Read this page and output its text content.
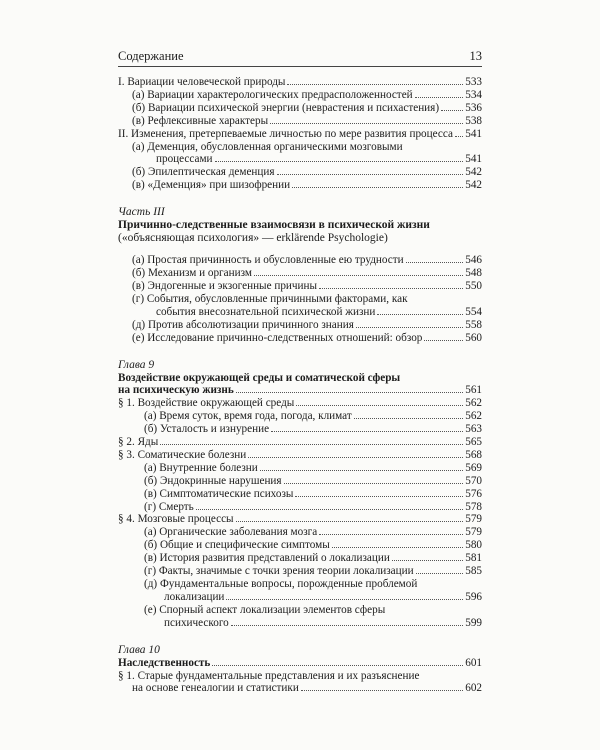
Содержание	13
I. Вариации человеческой природы	533
(а) Вариации характерологических предрасположенностей	534
(б) Вариации психической энергии (неврастения и психастения) 536
(в) Рефлексивные характеры	538
II. Изменения, претерпеваемые личностью по мере развития процесса 541
(а) Деменция, обусловленная органическими мозговыми
процессами	541
(б) Эпилептическая деменция	542
(в) «Деменция» при шизофрении	542
Часть III
Причинно-следственные взаимосвязи в психической жизни
(«объясняющая психология» — erklärende Psychologie)
(а) Простая причинность и обусловленные ею трудности	546
(б) Механизм и организм	548
(в) Эндогенные и экзогенные причины	550
(г) События, обусловленные причинными факторами, как
события внесознательной психической жизни	554
(д) Против абсолютизации причинного знания	558
(е) Исследование причинно-следственных отношений: обзор	560
Глава 9
Воздействие окружающей среды и соматической сферы
на психическую жизнь	561
§ 1. Воздействие окружающей среды	562
(а) Время суток, время года, погода, климат	562
(б) Усталость и изнурение	563
§ 2. Яды	565
§ 3. Соматические болезни	568
(а) Внутренние болезни	569
(б) Эндокринные нарушения	570
(в) Симптоматические психозы	576
(г) Смерть	578
§ 4. Мозговые процессы	579
(а) Органические заболевания мозга	579
(б) Общие и специфические симптомы	580
(в) История развития представлений о локализации	581
(г) Факты, значимые с точки зрения теории локализации	585
(д) Фундаментальные вопросы, порожденные проблемой
локализации	596
(е) Спорный аспект локализации элементов сферы
психического	599
Глава 10
Наследственность	601
§ 1. Старые фундаментальные представления и их разъяснение
на основе генеалогии и статистики	602
